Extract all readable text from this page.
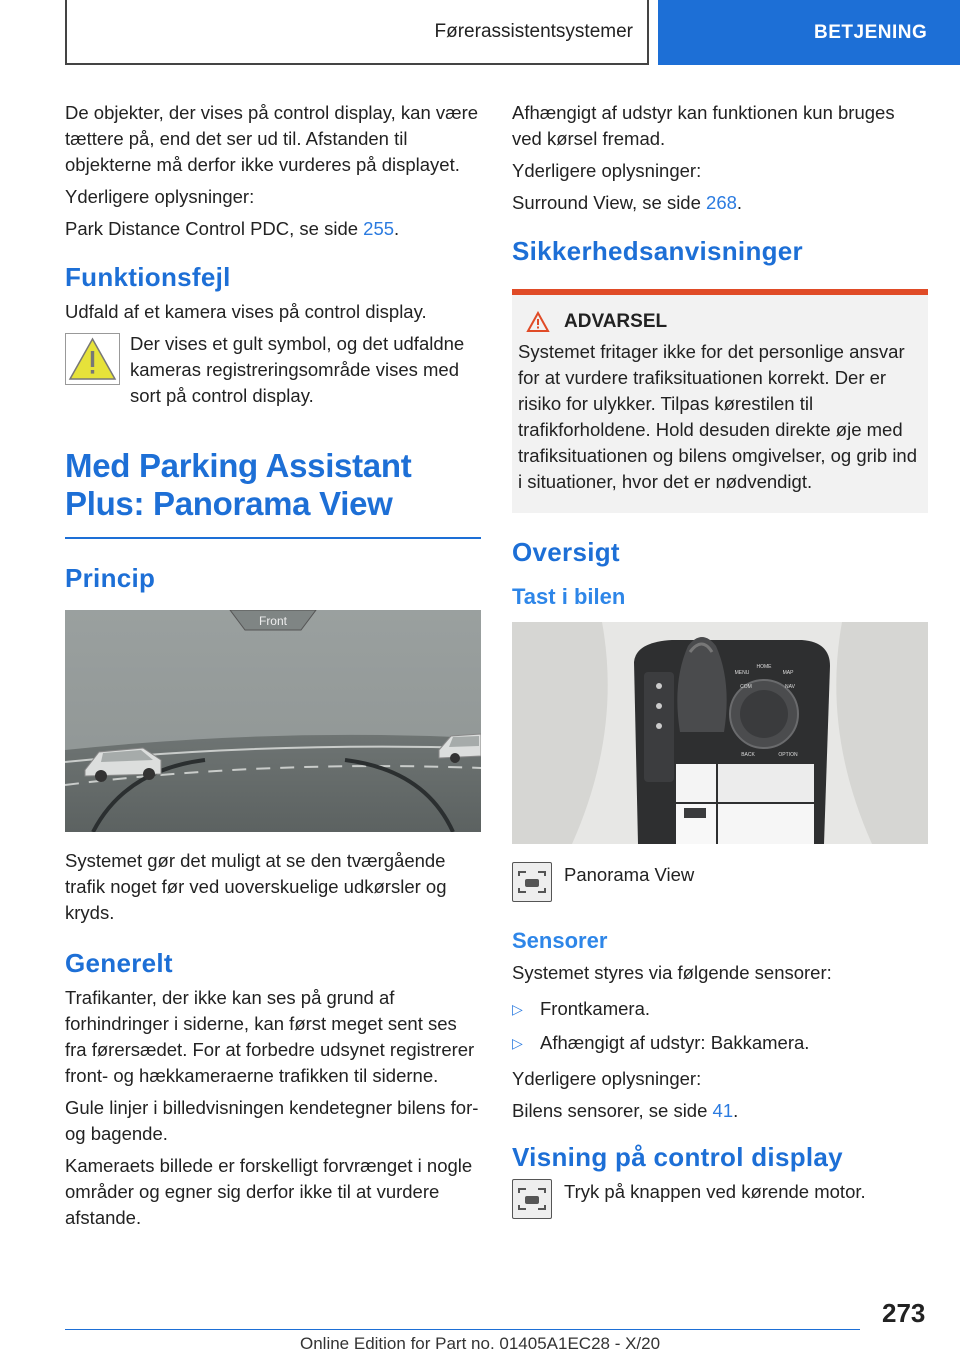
Førerassistentsystemer	BETJENING

De objekter, der vises på control display, kan være tættere på, end det ser ud til. Afstanden til objekterne må derfor ikke vurderes på displayet.

Yderligere oplysninger:

Park Distance Control PDC, se side 255.

Funktionsfejl

Udfald af et kamera vises på control display.

Der vises et gult symbol, og det udfaldne kameras registreringsområde vises med sort på control display.
Med Parking Assistant Plus: Panorama View
Princip
Front

Systemet gør det muligt at se den tværgående trafik noget før ved uoverskuelige udkørsler og kryds.

Generelt

Trafikanter, der ikke kan ses på grund af forhindringer i siderne, kan først meget sent ses fra førersædet. For at forbedre udsynet registrerer front- og hækkameraerne trafikken til siderne.

Gule linjer i billedvisningen kendetegner bilens for- og bagende.

Kameraets billede er forskelligt forvrænget i nogle områder og egner sig derfor ikke til at vurdere afstande.

Afhængigt af udstyr kan funktionen kun bruges ved kørsel fremad.

Yderligere oplysninger:

Surround View, se side 268.

Sikkerhedsanvisninger
ADVARSEL

Systemet fritager ikke for det personlige ansvar for at vurdere trafiksituationen korrekt. Der er risiko for ulykker. Tilpas kørestilen til trafikforholdene. Hold desuden direkte øje med trafiksituationen og bilens omgivelser, og grib ind i situationer, hvor det er nødvendigt.

Oversigt
Tast i bilen
MENU
HOME
MAP
COM	NAV
BACK	OPTION
Panorama View
Sensorer

Systemet styres via følgende sensorer:

▷ Frontkamera.
▷ Afhængigt af udstyr: Bakkamera.

Yderligere oplysninger:

Bilens sensorer, se side 41.

Visning på control display
Tryk på knappen ved kørende motor.
273
Online Edition for Part no. 01405A1EC28 - X/20
